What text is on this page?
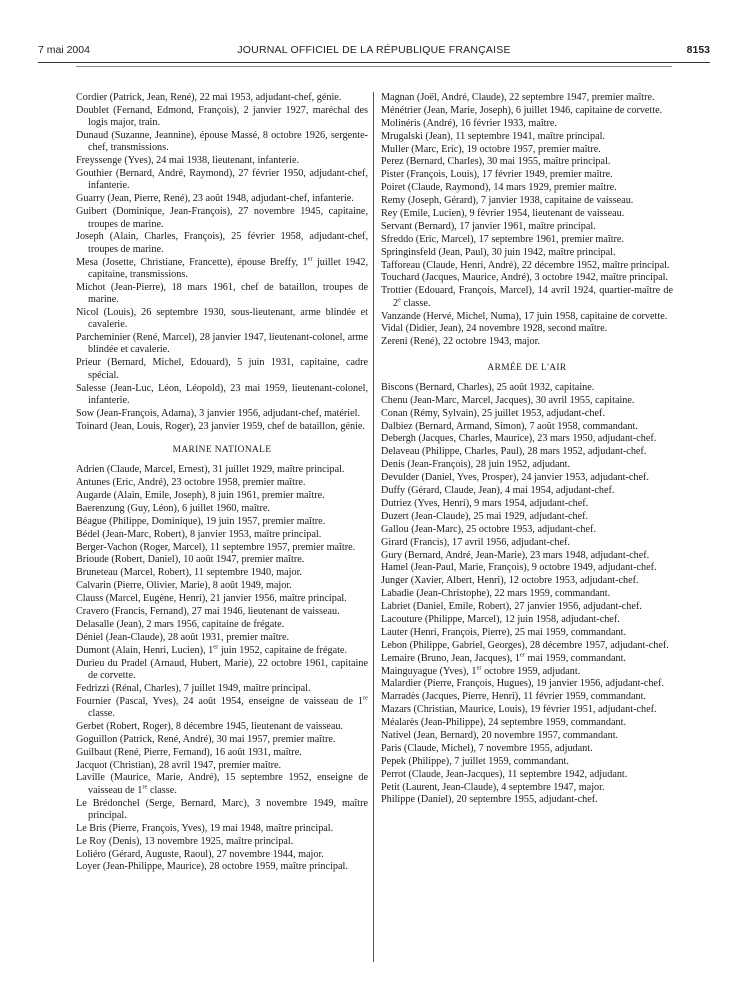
7 mai 2004	JOURNAL OFFICIEL DE LA RÉPUBLIQUE FRANÇAISE	8153
Cordier (Patrick, Jean, René), 22 mai 1953, adjudant-chef, génie.
Doublet (Fernand, Edmond, François), 2 janvier 1927, maréchal des logis major, train.
Dunaud (Suzanne, Jeannine), épouse Massé, 8 octobre 1926, sergente-chef, transmissions.
Freyssenge (Yves), 24 mai 1938, lieutenant, infanterie.
Gouthier (Bernard, André, Raymond), 27 février 1950, adjudant-chef, infanterie.
Guarry (Jean, Pierre, René), 23 août 1948, adjudant-chef, infanterie.
Guibert (Dominique, Jean-François), 27 novembre 1945, capitaine, troupes de marine.
Joseph (Alain, Charles, François), 25 février 1958, adjudant-chef, troupes de marine.
Mesa (Josette, Christiane, Francette), épouse Breffy, 1er juillet 1942, capitaine, transmissions.
Michot (Jean-Pierre), 18 mars 1961, chef de bataillon, troupes de marine.
Nicol (Louis), 26 septembre 1930, sous-lieutenant, arme blindée et cavalerie.
Parcheminier (René, Marcel), 28 janvier 1947, lieutenant-colonel, arme blindée et cavalerie.
Prieur (Bernard, Michel, Edouard), 5 juin 1931, capitaine, cadre spécial.
Salesse (Jean-Luc, Léon, Léopold), 23 mai 1959, lieutenant-colonel, infanterie.
Sow (Jean-François, Adama), 3 janvier 1956, adjudant-chef, matériel.
Toinard (Jean, Louis, Roger), 23 janvier 1959, chef de bataillon, génie.
MARINE NATIONALE
Adrien (Claude, Marcel, Ernest), 31 juillet 1929, maître principal.
Antunes (Eric, André), 23 octobre 1958, premier maître.
Augarde (Alain, Emile, Joseph), 8 juin 1961, premier maître.
Baerenzung (Guy, Léon), 6 juillet 1960, maître.
Béague (Philippe, Dominique), 19 juin 1957, premier maître.
Bédel (Jean-Marc, Robert), 8 janvier 1953, maître principal.
Berger-Vachon (Roger, Marcel), 11 septembre 1957, premier maître.
Brioude (Robert, Daniel), 10 août 1947, premier maître.
Bruneteau (Marcel, Robert), 11 septembre 1940, major.
Calvarin (Pierre, Olivier, Marie), 8 août 1949, major.
Clauss (Marcel, Eugène, Henri), 21 janvier 1956, maître principal.
Cravero (Francis, Fernand), 27 mai 1946, lieutenant de vaisseau.
Delasalle (Jean), 2 mars 1956, capitaine de frégate.
Déniel (Jean-Claude), 28 août 1931, premier maître.
Dumont (Alain, Henri, Lucien), 1er juin 1952, capitaine de frégate.
Durieu du Pradel (Arnaud, Hubert, Marie), 22 octobre 1961, capitaine de corvette.
Fedrizzi (Rénal, Charles), 7 juillet 1949, maître principal.
Fournier (Pascal, Yves), 24 août 1954, enseigne de vaisseau de 1re classe.
Gerbet (Robert, Roger), 8 décembre 1945, lieutenant de vaisseau.
Goguillon (Patrick, René, André), 30 mai 1957, premier maître.
Guilbaut (René, Pierre, Fernand), 16 août 1931, maître.
Jacquot (Christian), 28 avril 1947, premier maître.
Laville (Maurice, Marie, André), 15 septembre 1952, enseigne de vaisseau de 1re classe.
Le Brédonchel (Serge, Bernard, Marc), 3 novembre 1949, maître principal.
Le Bris (Pierre, François, Yves), 19 mai 1948, maître principal.
Le Roy (Denis), 13 novembre 1925, maître principal.
Loliéro (Gérard, Auguste, Raoul), 27 novembre 1944, major.
Loyer (Jean-Philippe, Maurice), 28 octobre 1959, maître principal.
Magnan (Joël, André, Claude), 22 septembre 1947, premier maître.
Ménétrier (Jean, Marie, Joseph), 6 juillet 1946, capitaine de corvette.
Molinéris (André), 16 février 1933, maître.
Mrugalski (Jean), 11 septembre 1941, maître principal.
Muller (Marc, Eric), 19 octobre 1957, premier maître.
Perez (Bernard, Charles), 30 mai 1955, maître principal.
Pister (François, Louis), 17 février 1949, premier maître.
Poiret (Claude, Raymond), 14 mars 1929, premier maître.
Remy (Joseph, Gérard), 7 janvier 1938, capitaine de vaisseau.
Rey (Emile, Lucien), 9 février 1954, lieutenant de vaisseau.
Servant (Bernard), 17 janvier 1961, maître principal.
Sfreddo (Eric, Marcel), 17 septembre 1961, premier maître.
Springinsfeld (Jean, Paul), 30 juin 1942, maître principal.
Tafforeau (Claude, Henri, André), 22 décembre 1952, maître principal.
Touchard (Jacques, Maurice, André), 3 octobre 1942, maître principal.
Trottier (Edouard, François, Marcel), 14 avril 1924, quartier-maître de 2e classe.
Vanzande (Hervé, Michel, Numa), 17 juin 1958, capitaine de corvette.
Vidal (Didier, Jean), 24 novembre 1928, second maître.
Zereni (René), 22 octobre 1943, major.
ARMÉE DE L'AIR
Biscons (Bernard, Charles), 25 août 1932, capitaine.
Chenu (Jean-Marc, Marcel, Jacques), 30 avril 1955, capitaine.
Conan (Rémy, Sylvain), 25 juillet 1953, adjudant-chef.
Dalbiez (Bernard, Armand, Simon), 7 août 1958, commandant.
Debergh (Jacques, Charles, Maurice), 23 mars 1950, adjudant-chef.
Delaveau (Philippe, Charles, Paul), 28 mars 1952, adjudant-chef.
Denis (Jean-François), 28 juin 1952, adjudant.
Devulder (Daniel, Yves, Prosper), 24 janvier 1953, adjudant-chef.
Duffy (Gérard, Claude, Jean), 4 mai 1954, adjudant-chef.
Dutriez (Yves, Henri), 9 mars 1954, adjudant-chef.
Duzert (Jean-Claude), 25 mai 1929, adjudant-chef.
Gallou (Jean-Marc), 25 octobre 1953, adjudant-chef.
Girard (Francis), 17 avril 1956, adjudant-chef.
Gury (Bernard, André, Jean-Marie), 23 mars 1948, adjudant-chef.
Hamel (Jean-Paul, Marie, François), 9 octobre 1949, adjudant-chef.
Junger (Xavier, Albert, Henri), 12 octobre 1953, adjudant-chef.
Labadie (Jean-Christophe), 22 mars 1959, commandant.
Labriet (Daniel, Emile, Robert), 27 janvier 1956, adjudant-chef.
Lacouture (Philippe, Marcel), 12 juin 1958, adjudant-chef.
Lauter (Henri, François, Pierre), 25 mai 1959, commandant.
Lebon (Philippe, Gabriel, Georges), 28 décembre 1957, adjudant-chef.
Lemaire (Bruno, Jean, Jacques), 1er mai 1959, commandant.
Mainguyague (Yves), 1er octobre 1959, adjudant.
Malardier (Pierre, François, Hugues), 19 janvier 1956, adjudant-chef.
Marradès (Jacques, Pierre, Henri), 11 février 1959, commandant.
Mazars (Christian, Maurice, Louis), 19 février 1951, adjudant-chef.
Méalarès (Jean-Philippe), 24 septembre 1959, commandant.
Nativel (Jean, Bernard), 20 novembre 1957, commandant.
Paris (Claude, Michel), 7 novembre 1955, adjudant.
Pepek (Philippe), 7 juillet 1959, commandant.
Perrot (Claude, Jean-Jacques), 11 septembre 1942, adjudant.
Petit (Laurent, Jean-Claude), 4 septembre 1947, major.
Philippe (Daniel), 20 septembre 1955, adjudant-chef.
